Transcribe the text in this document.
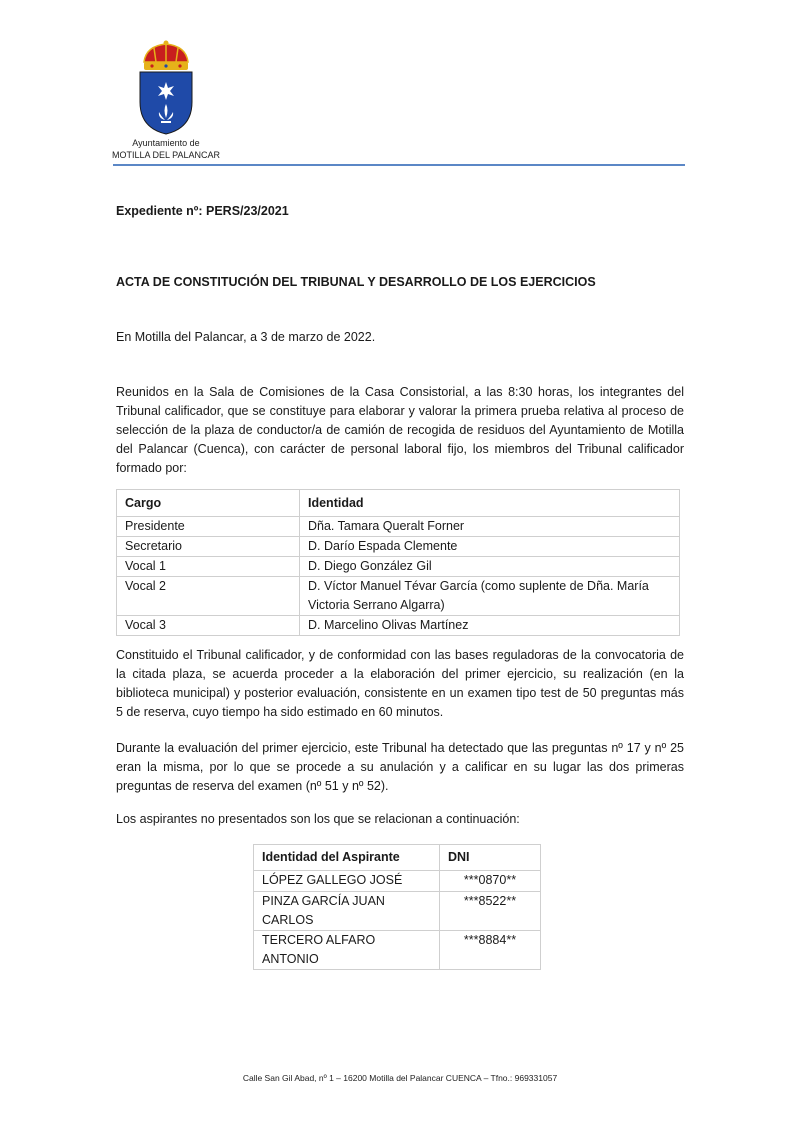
Ayuntamiento de
MOTILLA DEL PALANCAR
Expediente nº: PERS/23/2021
ACTA DE CONSTITUCIÓN DEL TRIBUNAL Y DESARROLLO DE LOS EJERCICIOS
En Motilla del Palancar, a 3 de marzo de 2022.
Reunidos en la Sala de Comisiones de la Casa Consistorial, a las 8:30 horas, los integrantes del Tribunal calificador, que se constituye para elaborar y valorar la primera prueba relativa al proceso de selección de la plaza de conductor/a de camión de recogida de residuos del Ayuntamiento de Motilla del Palancar (Cuenca), con carácter de personal laboral fijo, los miembros del Tribunal calificador formado por:
Cargo	Identidad
Presidente	Dña. Tamara Queralt Forner
Secretario	D. Darío Espada Clemente
Vocal 1	D. Diego González Gil
Vocal 2	D. Víctor Manuel Tévar García (como suplente de Dña. María Victoria Serrano Algarra)
Vocal 3	D. Marcelino Olivas Martínez
Constituido el Tribunal calificador, y de conformidad con las bases reguladoras de la convocatoria de la citada plaza, se acuerda proceder a la elaboración del primer ejercicio, su realización (en la biblioteca municipal) y posterior evaluación, consistente en un examen tipo test de 50 preguntas más 5 de reserva, cuyo tiempo ha sido estimado en 60 minutos.
Durante la evaluación del primer ejercicio, este Tribunal ha detectado que las preguntas nº 17 y nº 25 eran la misma, por lo que se procede a su anulación y a calificar en su lugar las dos primeras preguntas de reserva del examen (nº 51 y nº 52).
Los aspirantes no presentados son los que se relacionan a continuación:
Identidad del Aspirante	DNI
LÓPEZ GALLEGO JOSÉ	***0870**
PINZA GARCÍA JUAN CARLOS	***8522**
TERCERO ALFARO ANTONIO	***8884**
Calle San Gil Abad, nº 1 – 16200 Motilla del Palancar CUENCA – Tfno.: 969331057
